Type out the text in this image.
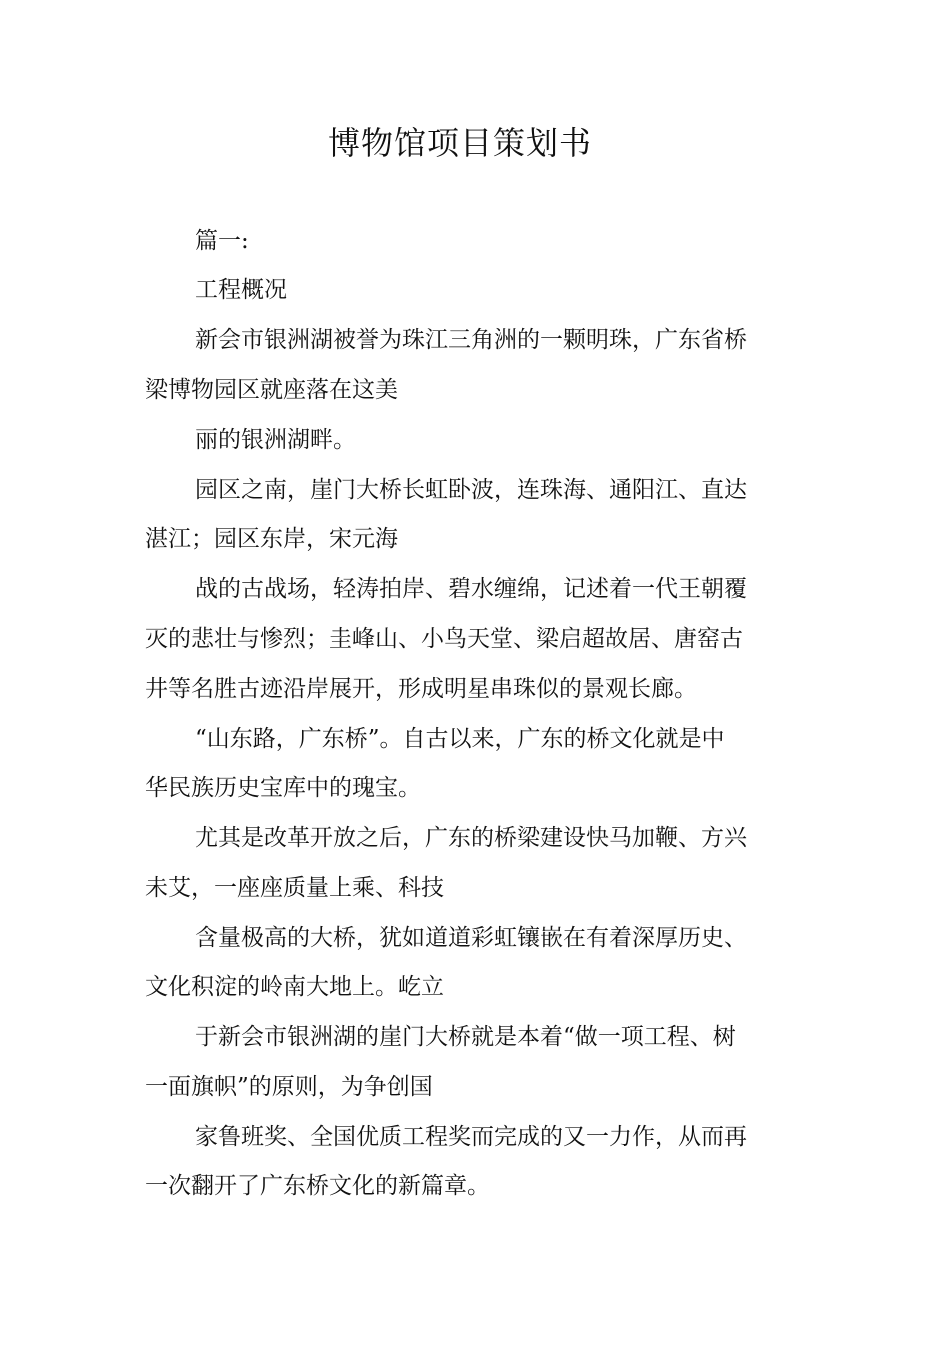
博物馆项目策划书
篇一:
工程概况
新会市银洲湖被誉为珠江三角洲的一颗明珠，广东省桥
梁博物园区就座落在这美
丽的银洲湖畔。
园区之南，崖门大桥长虹卧波，连珠海、通阳江、直达
湛江；园区东岸，宋元海
战的古战场，轻涛拍岸、碧水缠绵，记述着一代王朝覆
灭的悲壮与惨烈；圭峰山、小鸟天堂、梁启超故居、唐窑古
井等名胜古迹沿岸展开，形成明星串珠似的景观长廊。
“山东路，广东桥”。自古以来，广东的桥文化就是中
华民族历史宝库中的瑰宝。
尤其是改革开放之后，广东的桥梁建设快马加鞭、方兴
未艾，一座座质量上乘、科技
含量极高的大桥，犹如道道彩虹镶嵌在有着深厚历史、
文化积淀的岭南大地上。屹立
于新会市银洲湖的崖门大桥就是本着“做一项工程、树
一面旗帜”的原则，为争创国
家鲁班奖、全国优质工程奖而完成的又一力作，从而再
一次翻开了广东桥文化的新篇章。
